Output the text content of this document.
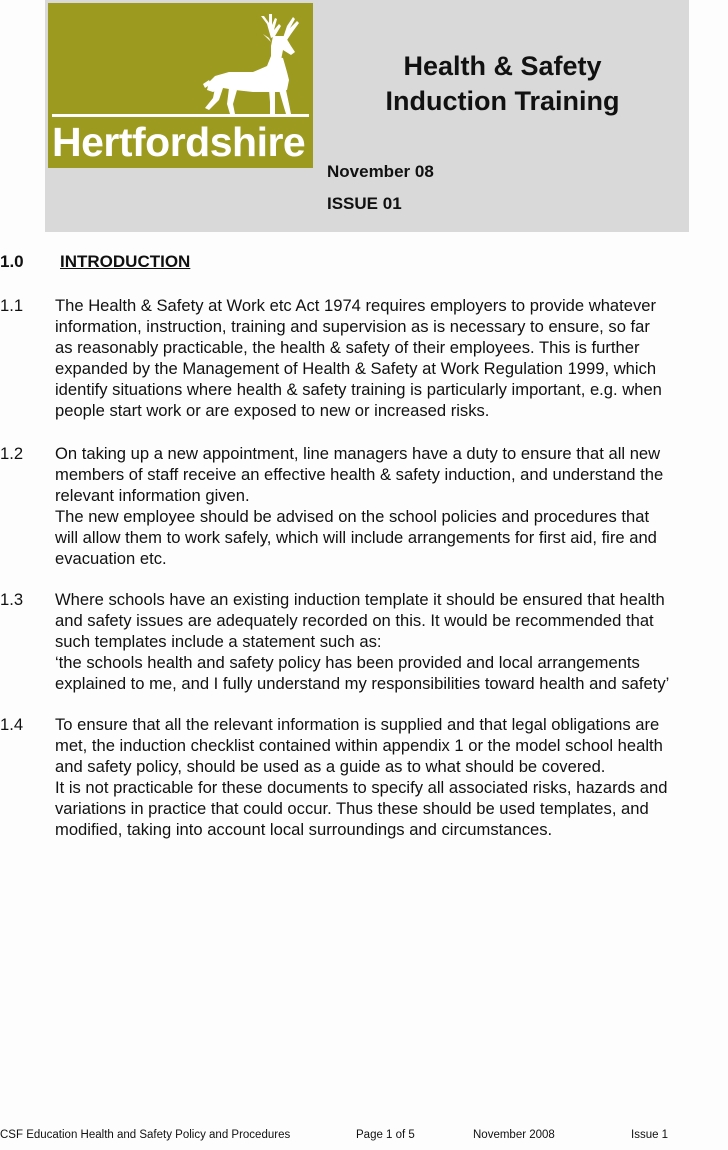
Hertfordshire
Health & Safety
Induction Training
November 08
ISSUE 01
1.0 INTRODUCTION
1.1 The Health & Safety at Work etc Act 1974 requires employers to provide whatever
information, instruction, training and supervision as is necessary to ensure, so far
as reasonably practicable, the health & safety of their employees. This is further
expanded by the Management of Health & Safety at Work Regulation 1999, which
identify situations where health & safety training is particularly important, e.g. when
people start work or are exposed to new or increased risks.
1.2 On taking up a new appointment, line managers have a duty to ensure that all new
members of staff receive an effective health & safety induction, and understand the
relevant information given.
The new employee should be advised on the school policies and procedures that
will allow them to work safely, which will include arrangements for first aid, fire and
evacuation etc.
1.3 Where schools have an existing induction template it should be ensured that health
and safety issues are adequately recorded on this. It would be recommended that
such templates include a statement such as:
‘the schools health and safety policy has been provided and local arrangements
explained to me, and I fully understand my responsibilities toward health and safety’
1.4 To ensure that all the relevant information is supplied and that legal obligations are
met, the induction checklist contained within appendix 1 or the model school health
and safety policy, should be used as a guide as to what should be covered.
It is not practicable for these documents to specify all associated risks, hazards and
variations in practice that could occur. Thus these should be used templates, and
modified, taking into account local surroundings and circumstances.
CSF Education Health and Safety Policy and Procedures	Page 1 of 5	November 2008	Issue 1
